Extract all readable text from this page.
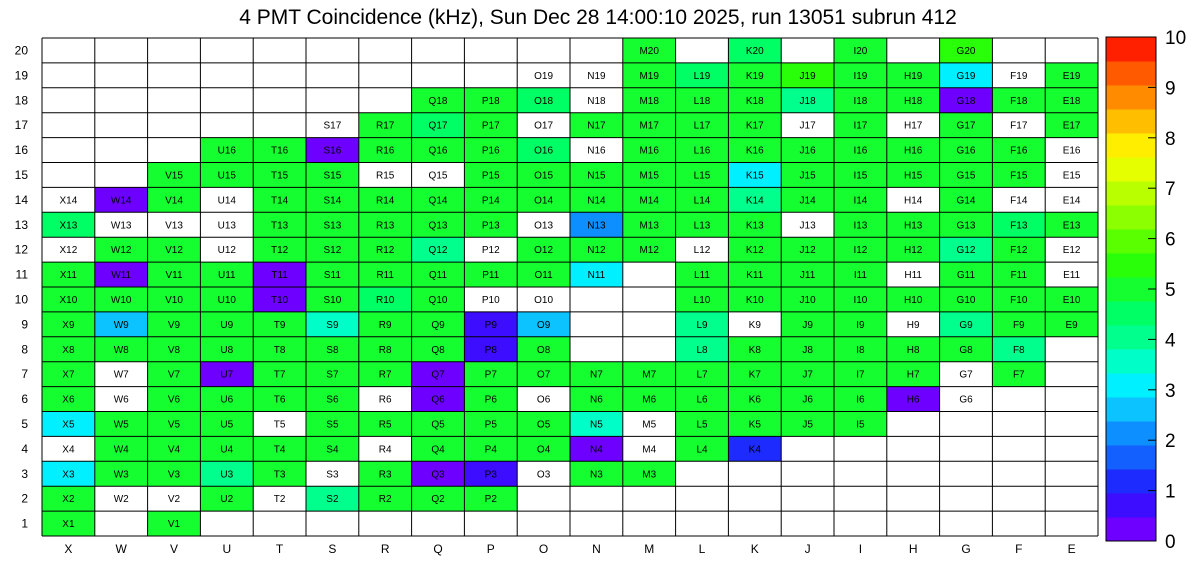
4 PMT Coincidence (kHz), Sun Dec 28 14:00:10 2025, run 13051 subrun 412
M20	K20	I20	G20
O19	N19	M19	L19	K19	J19	I19	H19	G19	F19	E19
Q18	P18	O18	N18	M18	L18	K18	J18	I18	H18	G18	F18	E18
S17	R17	Q17	P17	O17	N17	M17	L17	K17	J17	I17	H17	G17	F17	E17
U16	T16	S16	R16	Q16	P16	O16	N16	M16	L16	K16	J16	I16	H16	G16	F16	E16
V15	U15	T15	S15	R15	Q15	P15	O15	N15	M15	L15	K15	J15	I15	H15	G15	F15	E15
X14	W14	V14	U14	T14	S14	R14	Q14	P14	O14	N14	M14	L14	K14	J14	I14	H14	G14	F14	E14
X13	W13	V13	U13	T13	S13	R13	Q13	P13	O13	N13	M13	L13	K13	J13	I13	H13	G13	F13	E13
X12	W12	V12	U12	T12	S12	R12	Q12	P12	O12	N12	M12	L12	K12	J12	I12	H12	G12	F12	E12
X11	W11	V11	U11	T11	S11	R11	Q11	P11	O11	N11	L11	K11	J11	I11	H11	G11	F11	E11
X10	W10	V10	U10	T10	S10	R10	Q10	P10	O10	L10	K10	J10	I10	H10	G10	F10	E10
X9	W9	V9	U9	T9	S9	R9	Q9	P9	O9	L9	K9	J9	I9	H9	G9	F9	E9
X8	W8	V8	U8	T8	S8	R8	Q8	P8	O8	L8	K8	J8	I8	H8	G8	F8
X7	W7	V7	U7	T7	S7	R7	Q7	P7	O7	N7	M7	L7	K7	J7	I7	H7	G7	F7
X6	W6	V6	U6	T6	S6	R6	Q6	P6	O6	N6	M6	L6	K6	J6	I6	H6	G6
X5	W5	V5	U5	T5	S5	R5	Q5	P5	O5	N5	M5	L5	K5	J5	I5
X4	W4	V4	U4	T4	S4	R4	Q4	P4	O4	N4	M4	L4	K4
X3	W3	V3	U3	T3	S3	R3	Q3	P3	O3	N3	M3
X2	W2	V2	U2	T2	S2	R2	Q2	P2
X1	V1
X	W	V	U	T	S	R	Q	P	O	N	M	L	K	J	I	H	G	F	E
1
2
3
4
5
6
7
8
9
10
11
12
13
14
15
16
17
18
19
20
0
1
2
3
4
5
6
7
8
9
10
